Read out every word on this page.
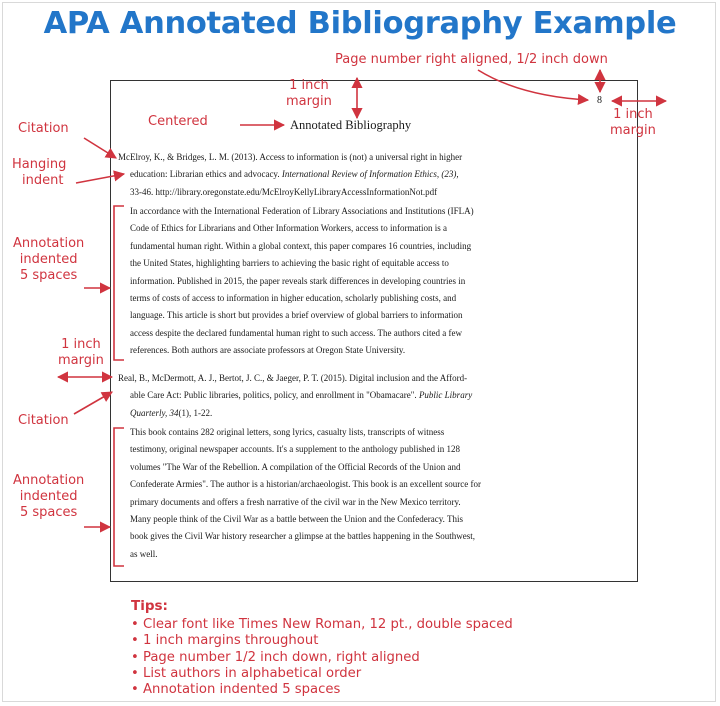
APA Annotated Bibliography Example
8
Annotated Bibliography
McElroy, K., & Bridges, L. M. (2013). Access to information is (not) a universal right in higher
education: Librarian ethics and advocacy. International Review of Information Ethics, (23),
33-46. http://library.oregonstate.edu/McElroyKellyLibraryAccessInformationNot.pdf
In accordance with the International Federation of Library Associations and Institutions (IFLA)
Code of Ethics for Librarians and Other Information Workers, access to information is a
fundamental human right. Within a global context, this paper compares 16 countries, including
the United States, highlighting barriers to achieving the basic right of equitable access to
information. Published in 2015, the paper reveals stark differences in developing countries in
terms of costs of access to information in higher education, scholarly publishing costs, and
language. This article is short but provides a brief overview of global barriers to information
access despite the declared fundamental human right to such access. The authors cited a few
references. Both authors are associate professors at Oregon State University.
Real, B., McDermott, A. J., Bertot, J. C., & Jaeger, P. T. (2015). Digital inclusion and the Afford-
able Care Act: Public libraries, politics, policy, and enrollment in "Obamacare". Public Library
Quarterly, 34(1), 1-22.
This book contains 282 original letters, song lyrics, casualty lists, transcripts of witness
testimony, original newspaper accounts. It's a supplement to the anthology published in 128
volumes "The War of the Rebellion. A compilation of the Official Records of the Union and
Confederate Armies". The author is a historian/archaeologist. This book is an excellent source for
primary documents and offers a fresh narrative of the civil war in the New Mexico territory.
Many people think of the Civil War as a battle between the Union and the Confederacy. This
book gives the Civil War history researcher a glimpse at the battles happening in the Southwest,
as well.
Page number right aligned, 1/2 inch down
1 inch
margin
1 inch
margin
Centered
Citation
Hanging
indent
Annotation
indented
5 spaces
1 inch
margin
Citation
Annotation
indented
5 spaces
Tips:
• Clear font like Times New Roman, 12 pt., double spaced
• 1 inch margins throughout
• Page number 1/2 inch down, right aligned
• List authors in alphabetical order
• Annotation indented 5 spaces
